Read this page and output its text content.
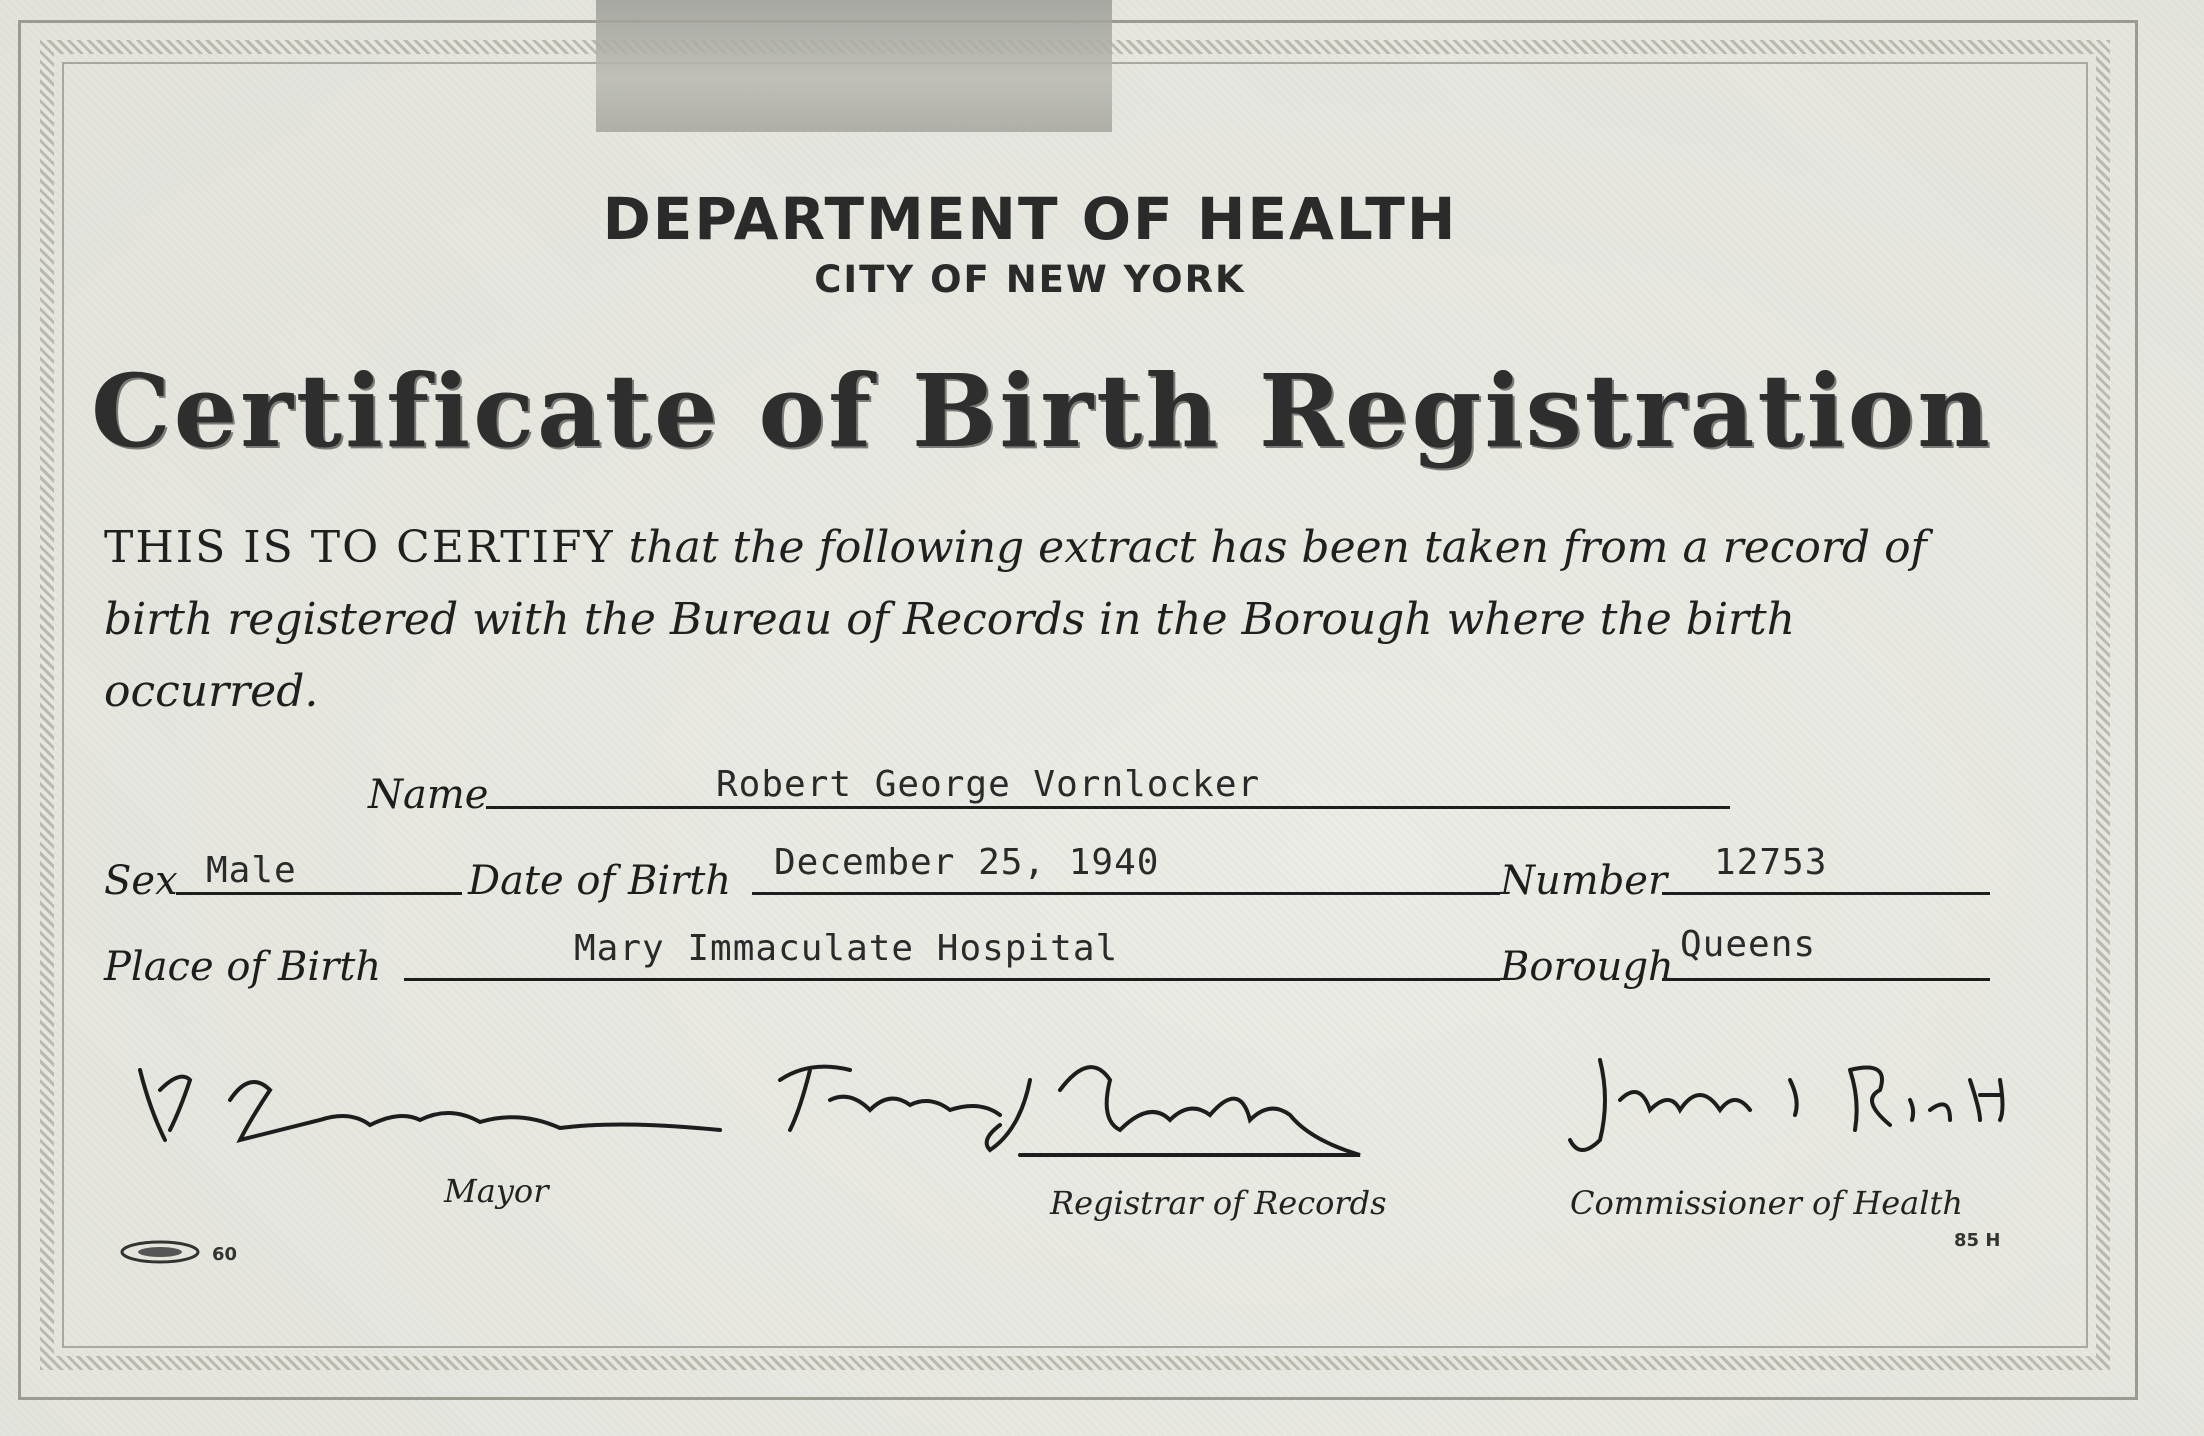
DEPARTMENT OF HEALTH
CITY OF NEW YORK
Certificate of Birth Registration
THIS IS TO CERTIFY that the following extract has been taken from a record of birth registered with the Bureau of Records in the Borough where the birth occurred.
Name	Robert George Vornlocker
Sex Male	Date of Birth December 25, 1940	Number 12753
Place of Birth	Mary Immaculate Hospital	Borough Queens
Mayor	Registrar of Records	Commissioner of Health
60
85 H
